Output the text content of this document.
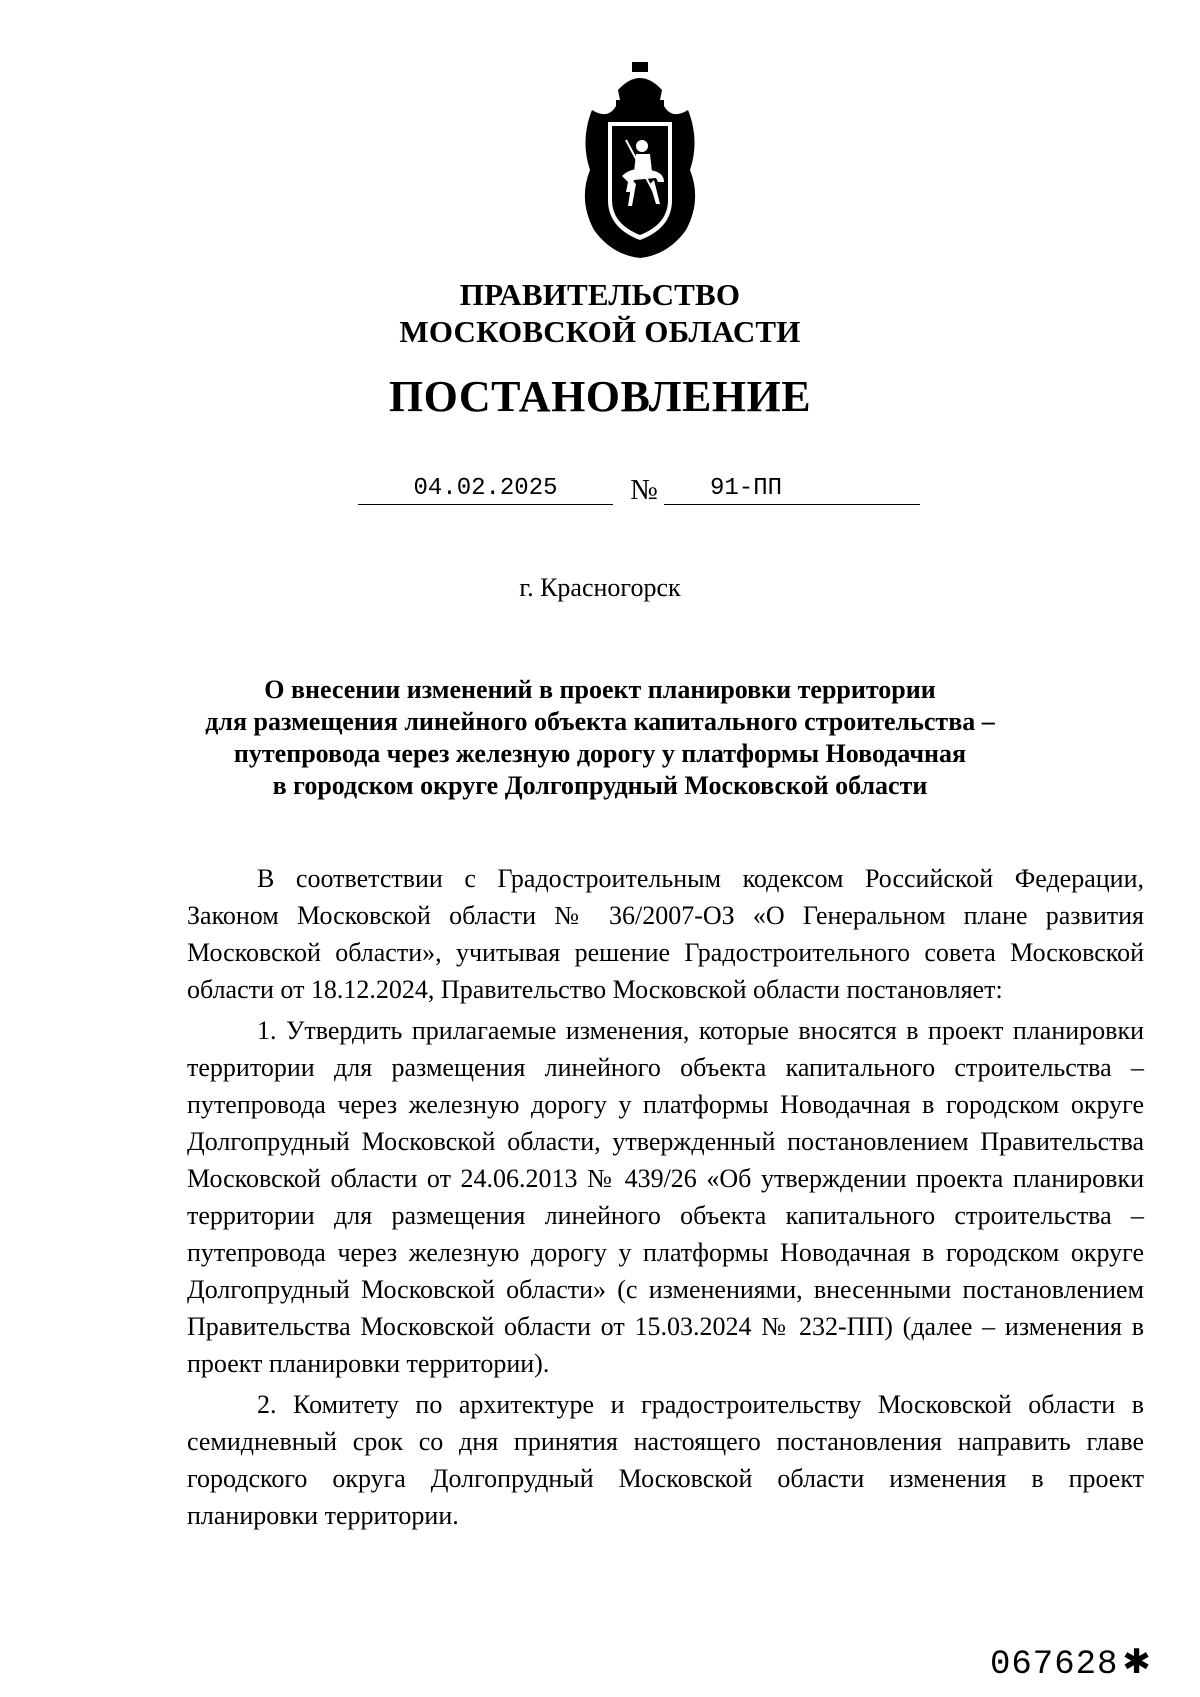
ПРАВИТЕЛЬСТВО
МОСКОВСКОЙ ОБЛАСТИ
ПОСТАНОВЛЕНИЕ
04.02.2025	№	91-ПП
г. Красногорск
О внесении изменений в проект планировки территории
для размещения линейного объекта капитального строительства –
путепровода через железную дорогу у платформы Новодачная
в городском округе Долгопрудный Московской области

В соответствии с Градостроительным кодексом Российской Федерации, Законом Московской области № 36/2007-ОЗ «О Генеральном плане развития Московской области», учитывая решение Градостроительного совета Московской области от 18.12.2024, Правительство Московской области постановляет:

1. Утвердить прилагаемые изменения, которые вносятся в проект планировки территории для размещения линейного объекта капитального строительства – путепровода через железную дорогу у платформы Новодачная в городском округе Долгопрудный Московской области, утвержденный постановлением Правительства Московской области от 24.06.2013 № 439/26 «Об утверждении проекта планировки территории для размещения линейного объекта капитального строительства – путепровода через железную дорогу у платформы Новодачная в городском округе Долгопрудный Московской области» (с изменениями, внесенными постановлением Правительства Московской области от 15.03.2024 № 232-ПП) (далее – изменения в проект планировки территории).

2. Комитету по архитектуре и градостроительству Московской области в семидневный срок со дня принятия настоящего постановления направить главе городского округа Долгопрудный Московской области изменения в проект планировки территории.

067628 ✱
